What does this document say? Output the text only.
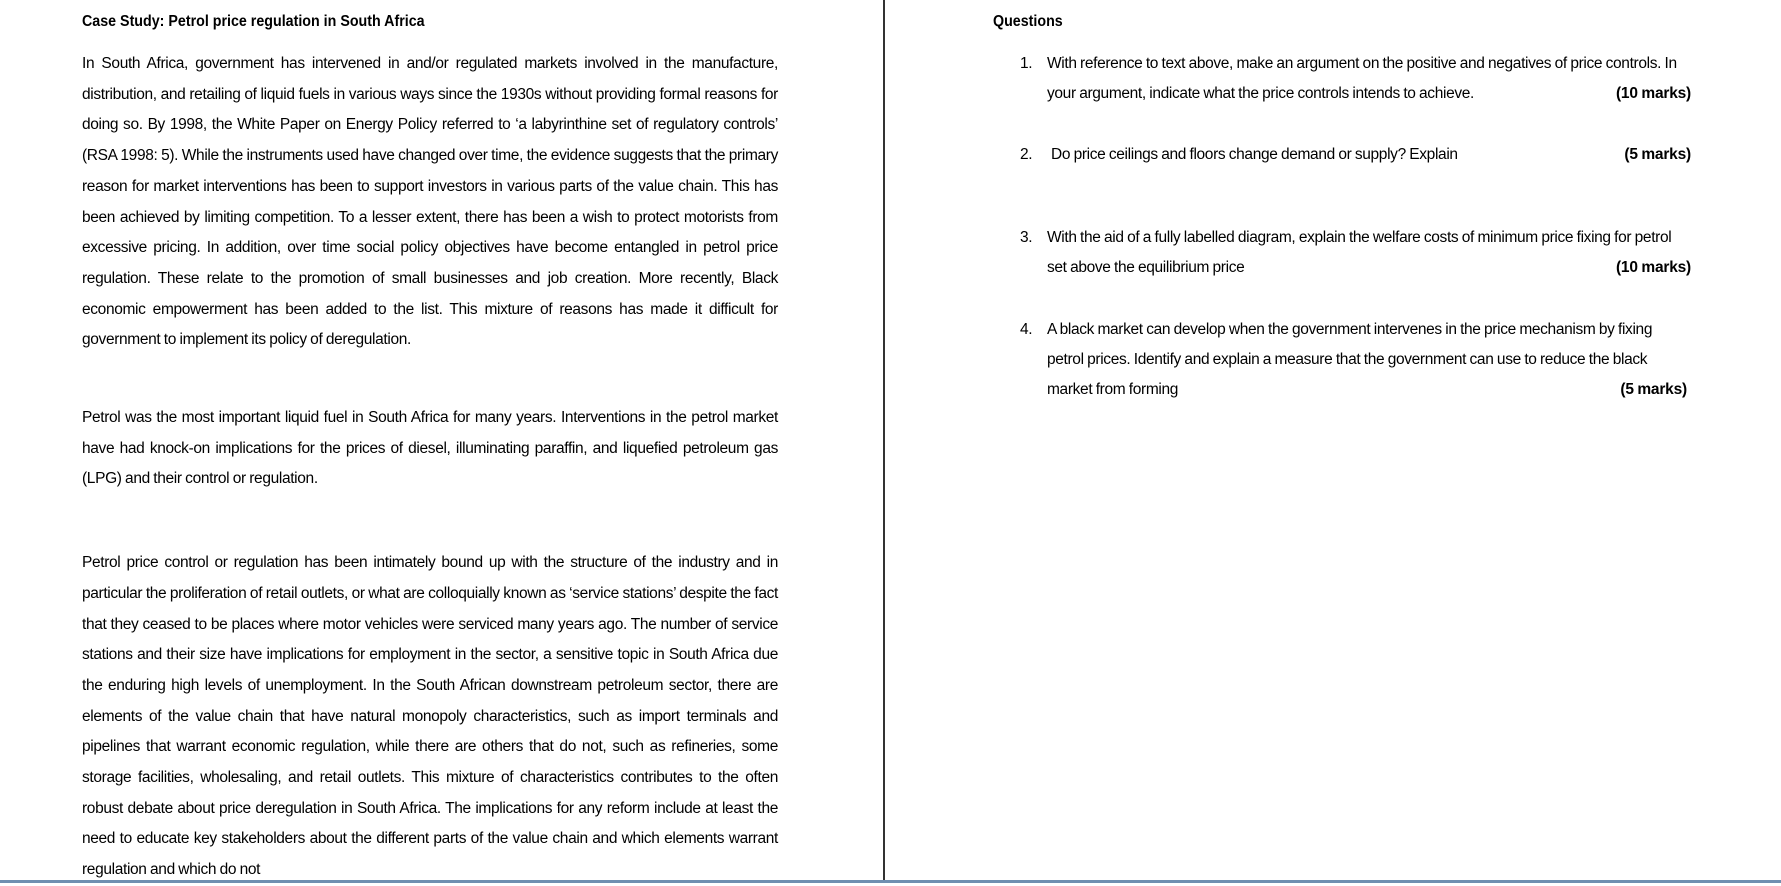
Case Study: Petrol price regulation in South Africa

In South Africa, government has intervened in and/or regulated markets involved in the manufacture, distribution, and retailing of liquid fuels in various ways since the 1930s without providing formal reasons for doing so. By 1998, the White Paper on Energy Policy referred to ‘a labyrinthine set of regulatory controls’ (RSA 1998: 5). While the instruments used have changed over time, the evidence suggests that the primary reason for market interventions has been to support investors in various parts of the value chain. This has been achieved by limiting competition. To a lesser extent, there has been a wish to protect motorists from excessive pricing. In addition, over time social policy objectives have become entangled in petrol price regulation. These relate to the promotion of small businesses and job creation. More recently, Black economic empowerment has been added to the list. This mixture of reasons has made it difficult for government to implement its policy of deregulation.

Petrol was the most important liquid fuel in South Africa for many years. Interventions in the petrol market have had knock-on implications for the prices of diesel, illuminating paraffin, and liquefied petroleum gas (LPG) and their control or regulation.

Petrol price control or regulation has been intimately bound up with the structure of the industry and in particular the proliferation of retail outlets, or what are colloquially known as ‘service stations’ despite the fact that they ceased to be places where motor vehicles were serviced many years ago. The number of service stations and their size have implications for employment in the sector, a sensitive topic in South Africa due the enduring high levels of unemployment. In the South African downstream petroleum sector, there are elements of the value chain that have natural monopoly characteristics, such as import terminals and pipelines that warrant economic regulation, while there are others that do not, such as refineries, some storage facilities, wholesaling, and retail outlets. This mixture of characteristics contributes to the often robust debate about price deregulation in South Africa. The implications for any reform include at least the need to educate key stakeholders about the different parts of the value chain and which elements warrant regulation and which do not

Questions
1. With reference to text above, make an argument on the positive and negatives of price controls. In your argument, indicate what the price controls intends to achieve.	(10 marks)
2. Do price ceilings and floors change demand or supply? Explain	(5 marks)
3. With the aid of a fully labelled diagram, explain the welfare costs of minimum price fixing for petrol set above the equilibrium price	(10 marks)
4. A black market can develop when the government intervenes in the price mechanism by fixing petrol prices. Identify and explain a measure that the government can use to reduce the black market from forming	(5 marks)
